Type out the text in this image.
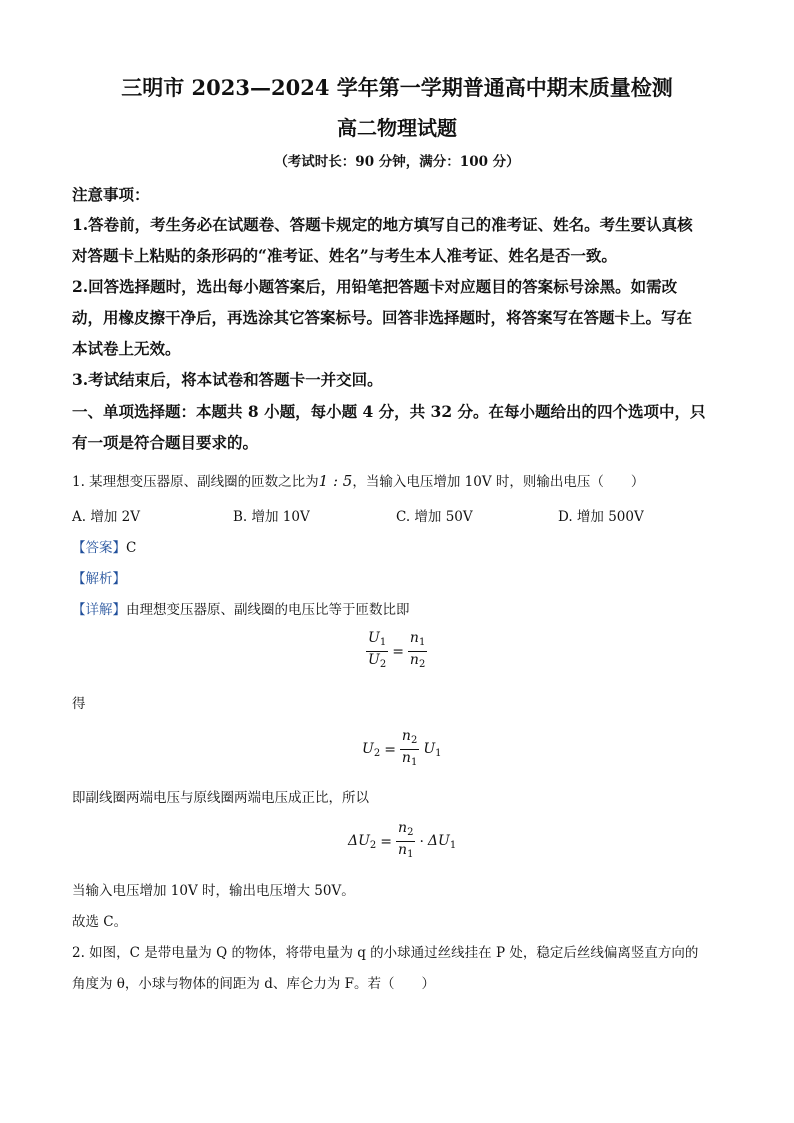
三明市 2023—2024 学年第一学期普通高中期末质量检测
高二物理试题
（考试时长：90 分钟，满分：100 分）
注意事项：
1.答卷前，考生务必在试题卷、答题卡规定的地方填写自己的准考证、姓名。考生要认真核
对答题卡上粘贴的条形码的“准考证、姓名”与考生本人准考证、姓名是否一致。
2.回答选择题时，选出每小题答案后，用铅笔把答题卡对应题目的答案标号涂黑。如需改
动，用橡皮擦干净后，再选涂其它答案标号。回答非选择题时，将答案写在答题卡上。写在
本试卷上无效。
3.考试结束后，将本试卷和答题卡一并交回。
一、单项选择题：本题共 8 小题，每小题 4 分，共 32 分。在每小题给出的四个选项中，只
有一项是符合题目要求的。
1. 某理想变压器原、副线圈的匝数之比为1 : 5，当输入电压增加 10V 时，则输出电压（　　）
A. 增加 2V	B. 增加 10V	C. 增加 50V	D. 增加 500V
【答案】C
【解析】
【详解】由理想变压器原、副线圈的电压比等于匝数比即
$\frac{U_1}{U_2} = \frac{n_1}{n_2}$
得
$U_2 = \frac{n_2}{n_1} U_1$
即副线圈两端电压与原线圈两端电压成正比，所以
$\Delta U_2 = \frac{n_2}{n_1} \cdot \Delta U_1$
当输入电压增加 10V 时，输出电压增大 50V。
故选 C。
2. 如图，C 是带电量为 Q 的物体，将带电量为 q 的小球通过丝线挂在 P 处，稳定后丝线偏离竖直方向的
角度为 θ，小球与物体的间距为 d、库仑力为 F。若（　　）
